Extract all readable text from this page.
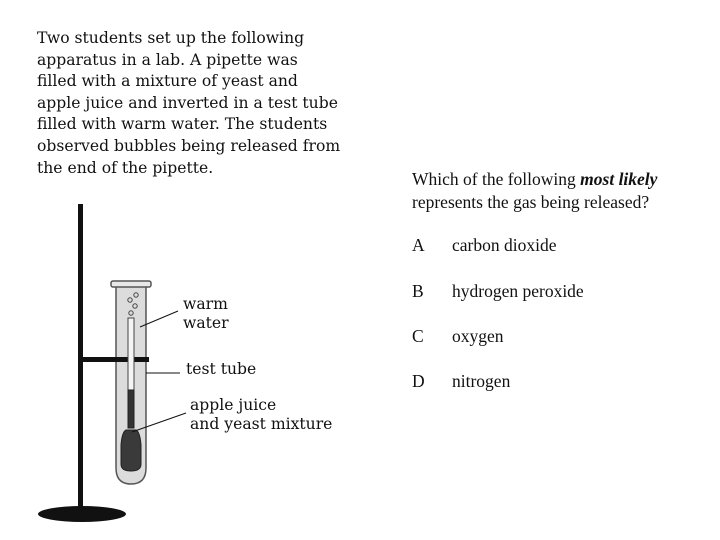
Two students set up the following
apparatus in a lab. A pipette was
filled with a mixture of yeast and
apple juice and inverted in a test tube
filled with warm water. The students
observed bubbles being released from
the end of the pipette.
Which of the following most likely
represents the gas being released?
A carbon dioxide
B hydrogen peroxide
C oxygen
D nitrogen
warm
water
test tube
apple juice
and yeast mixture
